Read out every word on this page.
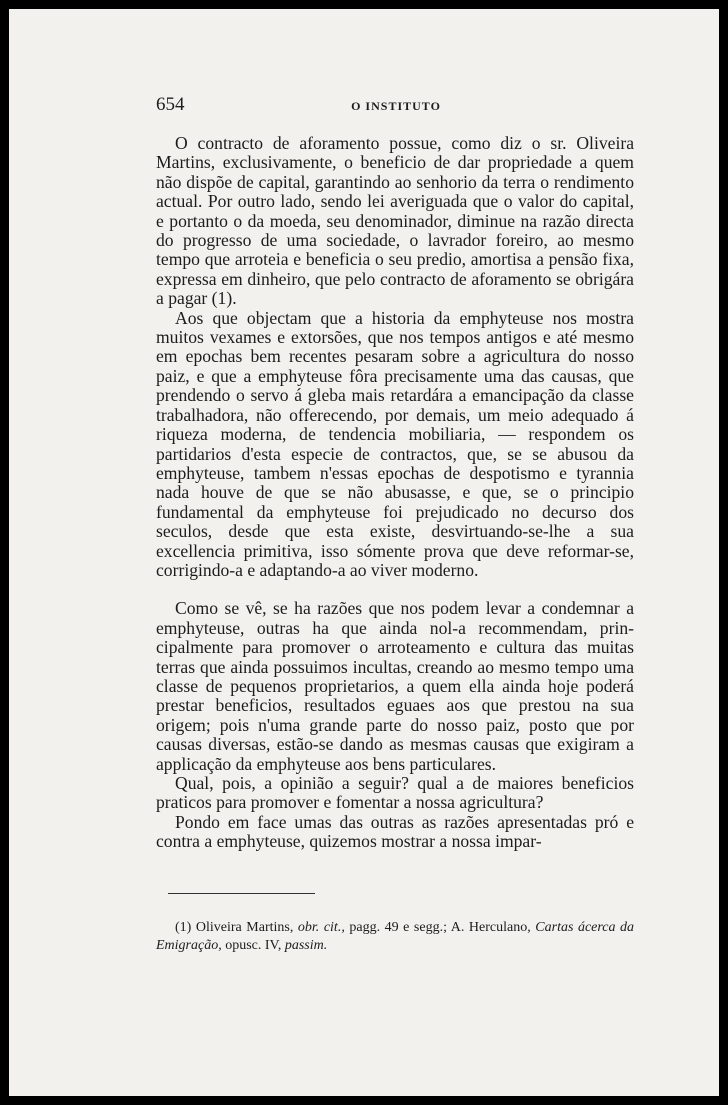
654	O INSTITUTO

O contracto de aforamento possue, como diz o sr. Oliveira Martins, exclusivamente, o beneficio de dar propriedade a quem não dispõe de capital, garantindo ao senhorio da terra o rendimento actual. Por outro lado, sendo lei averiguada que o valor do capital, e portanto o da moeda, seu denominador, diminue na razão directa do progresso de uma sociedade, o lavrador foreiro, ao mesmo tempo que arroteia e beneficia o seu predio, amortisa a pensão fixa, expressa em dinheiro, que pelo contracto de aforamento se obrigára a pagar (1).

Aos que objectam que a historia da emphyteuse nos mostra muitos vexames e extorsões, que nos tempos antigos e até mesmo em epochas bem recentes pesaram sobre a agricultura do nosso paiz, e que a emphyteuse fôra precisamente uma das causas, que prendendo o servo á gleba mais retardára a emancipação da classe trabalhadora, não offerecendo, por demais, um meio adequado á riqueza moderna, de tendencia mobiliaria, — respondem os partidarios d'esta especie de contractos, que, se se abusou da emphyteuse, tambem n'essas epochas de despotismo e tyrannia nada houve de que se não abusasse, e que, se o principio fundamental da emphyteuse foi prejudicado no decurso dos seculos, desde que esta existe, desvirtuando-se-lhe a sua excellencia primitiva, isso sómente prova que deve reformar-se, corrigindo-a e adaptando-a ao viver moderno.

Como se vê, se ha razões que nos podem levar a condemnar a emphyteuse, outras ha que ainda nol-a recommendam, principalmente para promover o arroteamento e cultura das muitas terras que ainda possuimos incultas, creando ao mesmo tempo uma classe de pequenos proprietarios, a quem ella ainda hoje poderá prestar beneficios, resultados eguaes aos que prestou na sua origem; pois n'uma grande parte do nosso paiz, posto que por causas diversas, estão-se dando as mesmas causas que exigiram a applicação da emphyteuse aos bens particulares.

Qual, pois, a opinião a seguir? qual a de maiores beneficios praticos para promover e fomentar a nossa agricultura?

Pondo em face umas das outras as razões apresentadas pró e contra a emphyteuse, quizemos mostrar a nossa impar-

(1) Oliveira Martins, obr. cit., pagg. 49 e segg.; A. Herculano, Cartas ácerca da Emigração, opusc. IV, passim.
